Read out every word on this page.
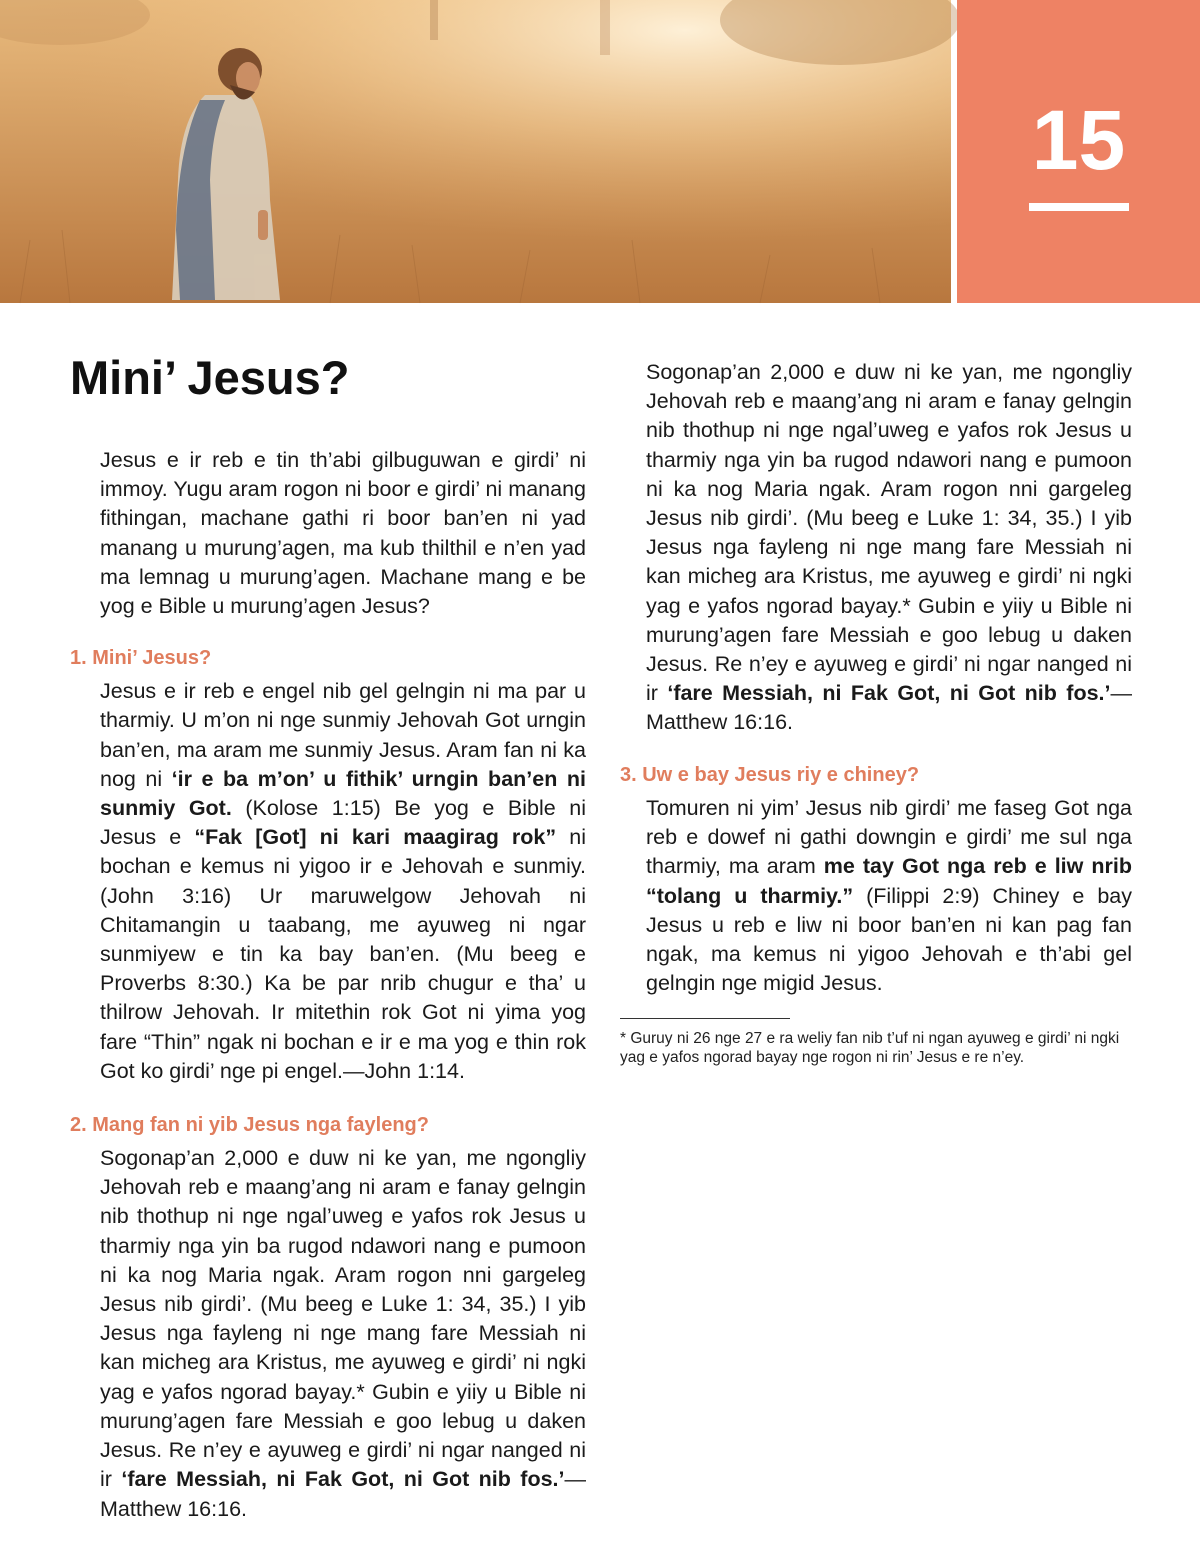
15
Mini’ Jesus?

Jesus e ir reb e tin th’abi gilbuguwan e girdi’ ni immoy. Yugu aram rogon ni boor e girdi’ ni manang fithingan, machane gathi ri boor ban’en ni yad manang u murung’agen, ma kub thilthil e n’en yad ma lemnag u murung’agen. Machane mang e be yog e Bible u murung’agen Jesus?

1. Mini’ Jesus?

Jesus e ir reb e engel nib gel gelngin ni ma par u tharmiy. U m’on ni nge sunmiy Jehovah Got urngin ban’en, ma aram me sunmiy Jesus. Aram fan ni ka nog ni ‘ir e ba m’on’ u fithik’ urngin ban’en ni sunmiy Got. (Kolose 1:15) Be yog e Bible ni Jesus e “Fak [Got] ni kari maagirag rok” ni bochan e kemus ni yigoo ir e Jehovah e sunmiy. (John 3:16) Ur maruwelgow Jehovah ni Chitamangin u taabang, me ayuweg ni ngar sunmiyew e tin ka bay ban’en. (Mu beeg e Proverbs 8:30.) Ka be par nrib chugur e tha’ u thilrow Jehovah. Ir mitethin rok Got ni yima yog fare “Thin” ngak ni bochan e ir e ma yog e thin rok Got ko girdi’ nge pi engel.—John 1:14.

2. Mang fan ni yib Jesus nga fayleng?

Sogonap’an 2,000 e duw ni ke yan, me ngongliy Jehovah reb e maang’ang ni aram e fanay gelngin nib thothup ni nge ngal’uweg e yafos rok Jesus u tharmiy nga yin ba rugod ndawori nang e pumoon ni ka nog Maria ngak. Aram rogon nni gargeleg Jesus nib girdi’. (Mu beeg e Luke 1: 34, 35.) I yib Jesus nga fayleng ni nge mang fare Messiah ni kan micheg ara Kristus, me ayuweg e girdi’ ni ngki yag e yafos ngorad bayay.* Gubin e yiiy u Bible ni murung’agen fare Messiah e goo lebug u daken Jesus. Re n’ey e ayuweg e girdi’ ni ngar nanged ni ir ‘fare Messiah, ni Fak Got, ni Got nib fos.’—Matthew 16:16.

Sogonap’an 2,000 e duw ni ke yan, me ngongliy Jehovah reb e maang’ang ni aram e fanay gelngin nib thothup ni nge ngal’uweg e yafos rok Jesus u tharmiy nga yin ba rugod ndawori nang e pumoon ni ka nog Maria ngak. Aram rogon nni gargeleg Jesus nib girdi’. (Mu beeg e Luke 1: 34, 35.) I yib Jesus nga fayleng ni nge mang fare Messiah ni kan micheg ara Kristus, me ayuweg e girdi’ ni ngki yag e yafos ngorad bayay.* Gubin e yiiy u Bible ni murung’agen fare Messiah e goo lebug u daken Jesus. Re n’ey e ayuweg e girdi’ ni ngar nanged ni ir ‘fare Messiah, ni Fak Got, ni Got nib fos.’—Matthew 16:16.

3. Uw e bay Jesus riy e chiney?

Tomuren ni yim’ Jesus nib girdi’ me faseg Got nga reb e dowef ni gathi downgin e girdi’ me sul nga tharmiy, ma aram me tay Got nga reb e liw nrib “tolang u tharmiy.” (Filippi 2:9) Chiney e bay Jesus u reb e liw ni boor ban’en ni kan pag fan ngak, ma kemus ni yigoo Jehovah e th’abi gel gelngin nge migid Jesus.

* Guruy ni 26 nge 27 e ra weliy fan nib t’uf ni ngan ayuweg e girdi’ ni ngki yag e yafos ngorad bayay nge rogon ni rin’ Jesus e re n’ey.
